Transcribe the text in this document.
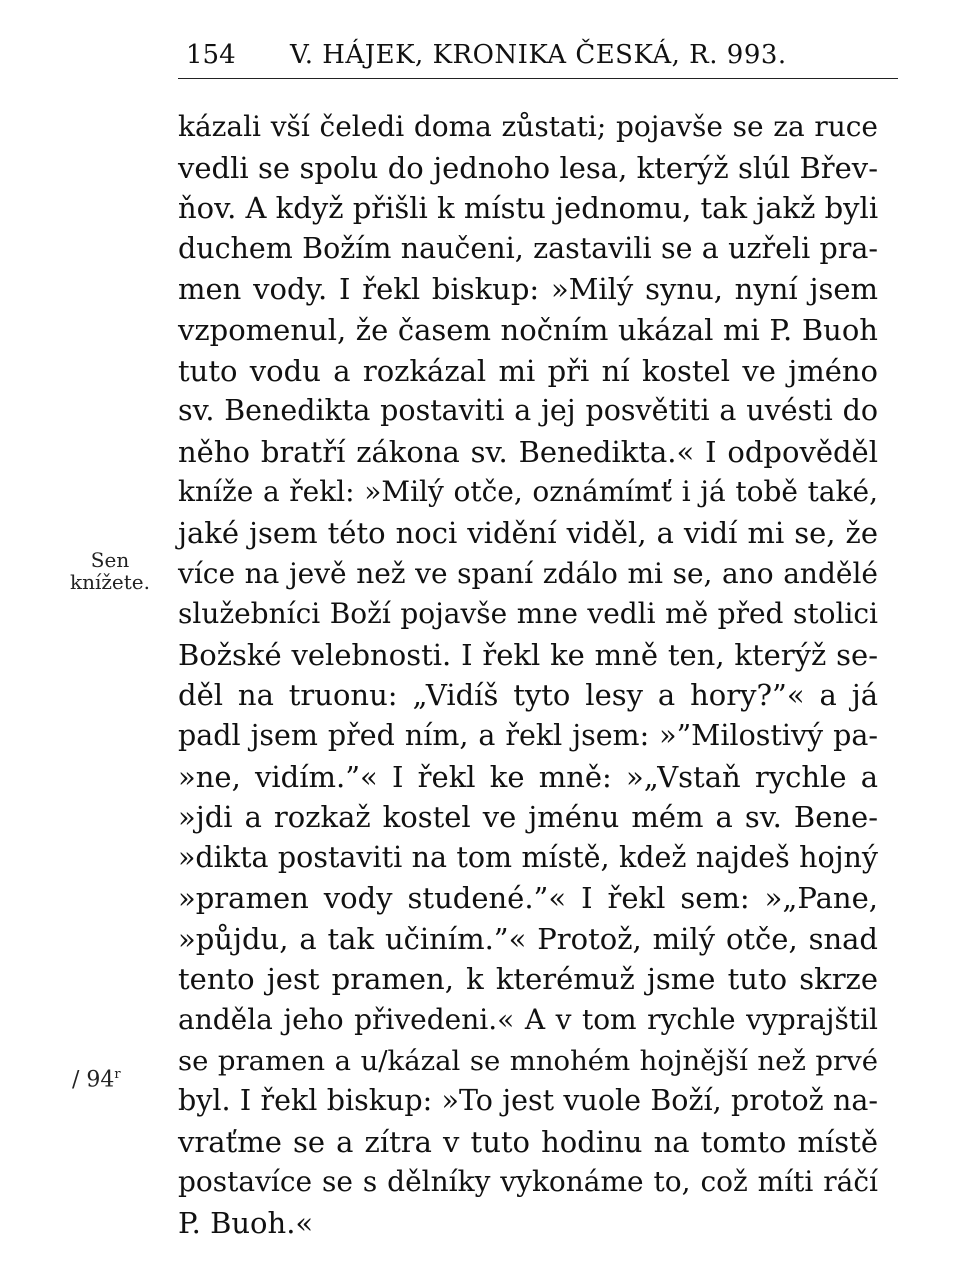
154 V. HÁJEK, KRONIKA ČESKÁ, R. 993.
Sen
knížete.
/ 94$^r$
kázali vší čeledi doma zůstati; pojavše se za ruce
vedli se spolu do jednoho lesa, kterýž slúl Břev-
ňov. A když přišli k místu jednomu, tak jakž byli
duchem Božím naučeni, zastavili se a uzřeli pra-
men vody. I řekl biskup: »Milý synu, nyní jsem
vzpomenul, že časem nočním ukázal mi P. Buoh
tuto vodu a rozkázal mi při ní kostel ve jméno
sv. Benedikta postaviti a jej posvětiti a uvésti do
něho bratří zákona sv. Benedikta.« I odpověděl
kníže a řekl: »Milý otče, oznámímť i já tobě také,
jaké jsem této noci vidění viděl, a vidí mi se, že
více na jevě než ve spaní zdálo mi se, ano andělé
služebníci Boží pojavše mne vedli mě před stolici
Božské velebnosti. I řekl ke mně ten, kterýž se-
děl na truonu: „Vidíš tyto lesy a hory?”« a já
padl jsem před ním, a řekl jsem: »”Milostivý pa-
»ne, vidím.”« I řekl ke mně: »„Vstaň rychle a
»jdi a rozkaž kostel ve jménu mém a sv. Bene-
»dikta postaviti na tom místě, kdež najdeš hojný
»pramen vody studené.”« I řekl sem: »„Pane,
»půjdu, a tak učiním.”« Protož, milý otče, snad
tento jest pramen, k kterémuž jsme tuto skrze
anděla jeho přivedeni.« A v tom rychle vyprajštil
se pramen a u/kázal se mnohém hojnější než prvé
byl. I řekl biskup: »To jest vuole Boží, protož na-
vraťme se a zítra v tuto hodinu na tomto místě
postavíce se s dělníky vykonáme to, což míti ráčí
P. Buoh.«
